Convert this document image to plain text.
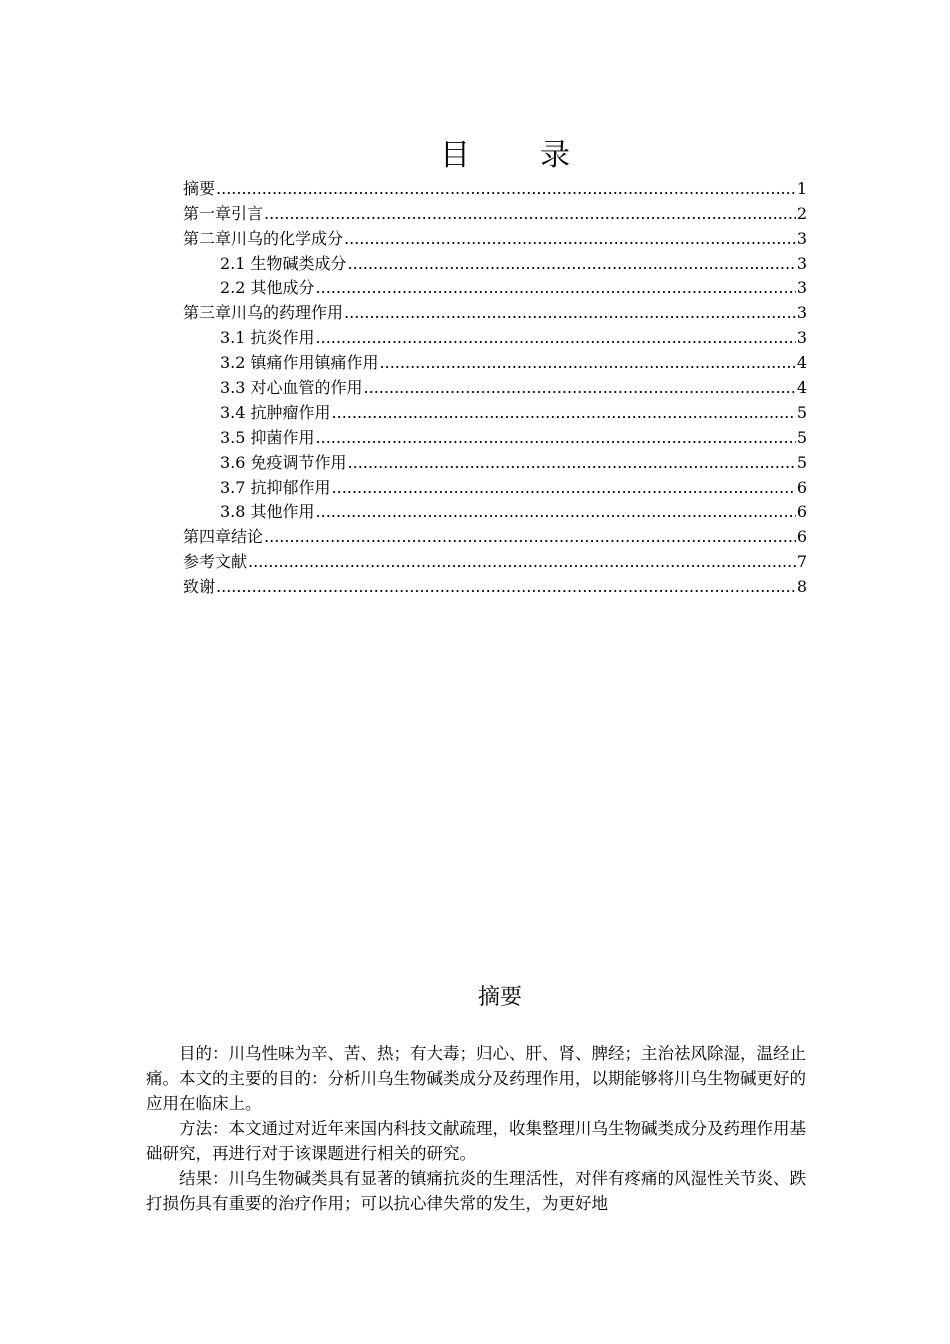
目 录
摘要 .....	1
第一章引言 .....	2
第二章川乌的化学成分 .....	3
2.1 生物碱类成分 .....	3
2.2 其他成分 .....	3
第三章川乌的药理作用 .....	3
3.1 抗炎作用 .....	3
3.2 镇痛作用镇痛作用 .....	4
3.3 对心血管的作用 .....	4
3.4 抗肿瘤作用 .....	5
3.5 抑菌作用 .....	5
3.6 免疫调节作用 .....	5
3.7 抗抑郁作用 .....	6
3.8 其他作用 .....	6
第四章结论 .....	6
参考文献 .....	7
致谢 .....	8
摘要

目的：川乌性味为辛、苦、热；有大毒；归心、肝、肾、脾经；主治祛风除湿，温经止痛。本文的主要的目的：分析川乌生物碱类成分及药理作用，以期能够将川乌生物碱更好的应用在临床上。

方法：本文通过对近年来国内科技文献疏理，收集整理川乌生物碱类成分及药理作用基础研究，再进行对于该课题进行相关的研究。

结果：川乌生物碱类具有显著的镇痛抗炎的生理活性，对伴有疼痛的风湿性关节炎、跌打损伤具有重要的治疗作用；可以抗心律失常的发生，为更好地
